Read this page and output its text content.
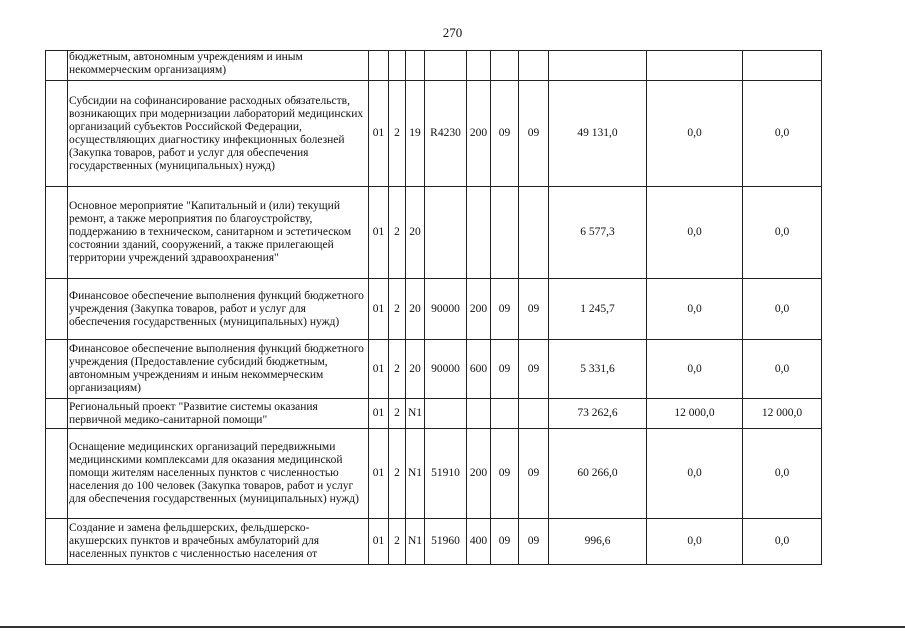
270
	бюджетным, автономным учреждениям и иным некоммерческим организациям)										
	Субсидии на софинансирование расходных обязательств, возникающих при модернизации лабораторий медицинских организаций субъектов Российской Федерации, осуществляющих диагностику инфекционных болезней (Закупка товаров, работ и услуг для обеспечения государственных (муниципальных) нужд)	01	2	19	R4230	200	09	09	49 131,0	0,0	0,0
	Основное мероприятие "Капитальный и (или) текущий ремонт, а также мероприятия по благоустройству, поддержанию в техническом, санитарном и эстетическом состоянии зданий, сооружений, а также прилегающей территории учреждений здравоохранения"	01	2	20					6 577,3	0,0	0,0
	Финансовое обеспечение выполнения функций бюджетного учреждения (Закупка товаров, работ и услуг для обеспечения государственных (муниципальных) нужд)	01	2	20	90000	200	09	09	1 245,7	0,0	0,0
	Финансовое обеспечение выполнения функций бюджетного учреждения (Предоставление субсидий бюджетным, автономным учреждениям и иным некоммерческим организациям)	01	2	20	90000	600	09	09	5 331,6	0,0	0,0
	Региональный проект "Развитие системы оказания первичной медико-санитарной помощи"	01	2	N1					73 262,6	12 000,0	12 000,0
	Оснащение медицинских организаций передвижными медицинскими комплексами для оказания медицинской помощи жителям населенных пунктов с численностью населения до 100 человек (Закупка товаров, работ и услуг для обеспечения государственных (муниципальных) нужд)	01	2	N1	51910	200	09	09	60 266,0	0,0	0,0
	Создание и замена фельдшерских, фельдшерско-акушерских пунктов и врачебных амбулаторий для населенных пунктов с численностью населения от	01	2	N1	51960	400	09	09	996,6	0,0	0,0
